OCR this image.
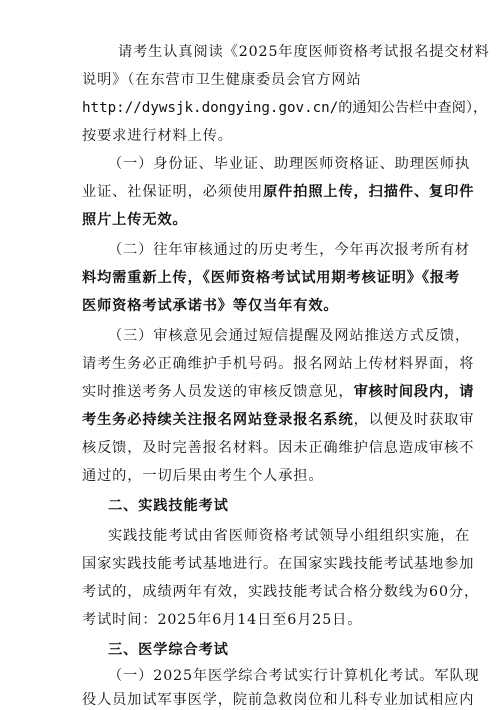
请考生认真阅读《2025年度医师资格考试报名提交材料
说明》（在东营市卫生健康委员会官方网站
http://dywsjk.dongying.gov.cn/的通知公告栏中查阅），
按要求进行材料上传。
（一）身份证、毕业证、助理医师资格证、助理医师执
业证、社保证明，必须使用原件拍照上传，扫描件、复印件
照片上传无效。
（二）往年审核通过的历史考生，今年再次报考所有材
料均需重新上传，《医师资格考试试用期考核证明》《报考
医师资格考试承诺书》等仅当年有效。
（三）审核意见会通过短信提醒及网站推送方式反馈，
请考生务必正确维护手机号码。报名网站上传材料界面，将
实时推送考务人员发送的审核反馈意见，审核时间段内，请
考生务必持续关注报名网站登录报名系统，以便及时获取审
核反馈，及时完善报名材料。因未正确维护信息造成审核不
通过的，一切后果由考生个人承担。
二、实践技能考试
实践技能考试由省医师资格考试领导小组组织实施，在
国家实践技能考试基地进行。在国家实践技能考试基地参加
考试的，成绩两年有效，实践技能考试合格分数线为60分，
考试时间：2025年6月14日至6月25日。
三、医学综合考试
（一）2025年医学综合考试实行计算机化考试。军队现
役人员加试军事医学，院前急救岗位和儿科专业加试相应内
